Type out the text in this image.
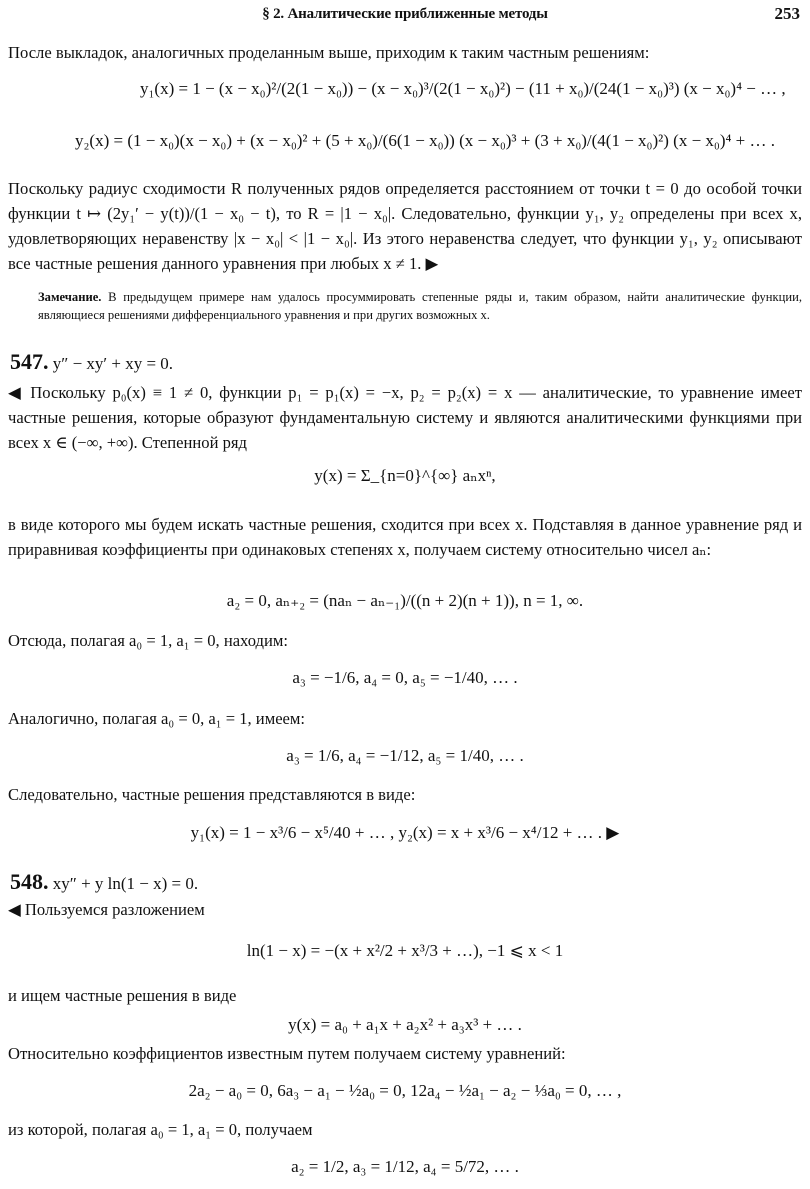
§ 2. Аналитические приближенные методы	253

После выкладок, аналогичных проделанным выше, приходим к таким частным решениям:

y₁(x) = 1 − (x − x₀)²/(2(1 − x₀)) − (x − x₀)³/(2(1 − x₀)²) − (11 + x₀)/(24(1 − x₀)³) (x − x₀)⁴ − … ,
y₂(x) = (1 − x₀)(x − x₀) + (x − x₀)² + (5 + x₀)/(6(1 − x₀)) (x − x₀)³ + (3 + x₀)/(4(1 − x₀)²) (x − x₀)⁴ + … .

Поскольку радиус сходимости R полученных рядов определяется расстоянием от точки t = 0 до особой точки функции t ↦ (2y₁′ − y(t))/(1 − x₀ − t), то R = |1 − x₀|. Следовательно, функции y₁, y₂ определены при всех x, удовлетворяющих неравенству |x − x₀| < |1 − x₀|. Из этого неравенства следует, что функции y₁, y₂ описывают все частные решения данного уравнения при любых x ≠ 1. ▶

Замечание. В предыдущем примере нам удалось просуммировать степенные ряды и, таким образом, найти аналитические функции, являющиеся решениями дифференциального уравнения и при других возможных x.

547. y″ − xy′ + xy = 0.

◀ Поскольку p₀(x) ≡ 1 ≠ 0, функции p₁ = p₁(x) = −x, p₂ = p₂(x) = x — аналитические, то уравнение имеет частные решения, которые образуют фундаментальную систему и являются аналитическими функциями при всех x ∈ (−∞, +∞). Степенной ряд

y(x) = Σ_{n=0}^{∞} aₙxⁿ,

в виде которого мы будем искать частные решения, сходится при всех x. Подставляя в данное уравнение ряд и приравнивая коэффициенты при одинаковых степенях x, получаем систему относительно чисел aₙ:

a₂ = 0, aₙ₊₂ = (naₙ − aₙ₋₁)/((n + 2)(n + 1)), n = 1, ∞.

Отсюда, полагая a₀ = 1, a₁ = 0, находим:

a₃ = −1/6, a₄ = 0, a₅ = −1/40, … .

Аналогично, полагая a₀ = 0, a₁ = 1, имеем:

a₃ = 1/6, a₄ = −1/12, a₅ = 1/40, … .

Следовательно, частные решения представляются в виде:

y₁(x) = 1 − x³/6 − x⁵/40 + … , y₂(x) = x + x³/6 − x⁴/12 + … . ▶
548. xy″ + y ln(1 − x) = 0.

◀ Пользуемся разложением

ln(1 − x) = −(x + x²/2 + x³/3 + …), −1 ⩽ x < 1

и ищем частные решения в виде

y(x) = a₀ + a₁x + a₂x² + a₃x³ + … .

Относительно коэффициентов известным путем получаем систему уравнений:

2a₂ − a₀ = 0, 6a₃ − a₁ − ½a₀ = 0, 12a₄ − ½a₁ − a₂ − ⅓a₀ = 0, … ,

из которой, полагая a₀ = 1, a₁ = 0, получаем

a₂ = 1/2, a₃ = 1/12, a₄ = 5/72, … .
